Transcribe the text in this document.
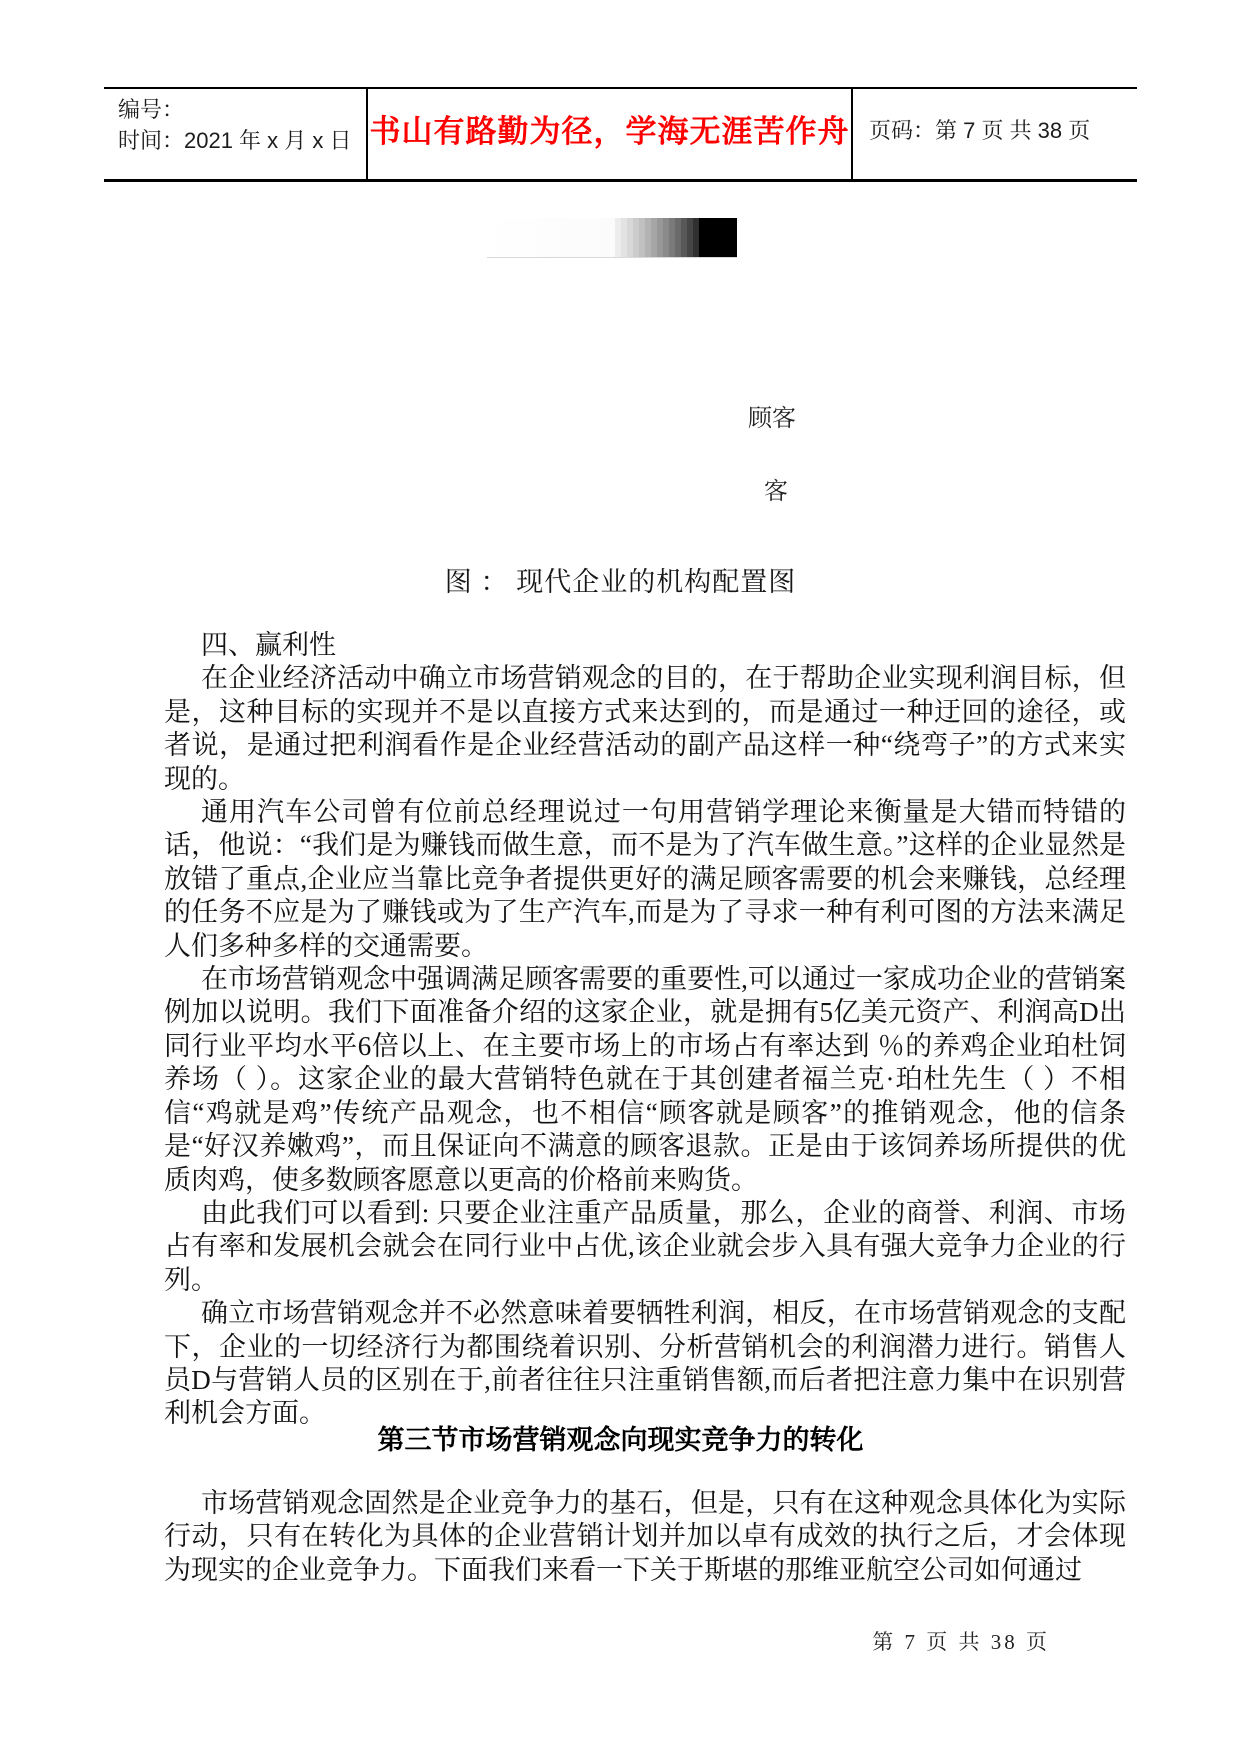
编号：
时间：2021 年 x 月 x 日 书山有路勤为径，学海无涯苦作舟 页码：第 7 页 共 38 页
顾客
客
图 ： 现代企业的机构配置图

四、赢利性

在企业经济活动中确立市场营销观念的目的，在于帮助企业实现利润目标，但是，这种目标的实现并不是以直接方式来达到的，而是通过一种迂回的途径，或者说，是通过把利润看作是企业经营活动的副产品这样一种“绕弯子”的方式来实现的。

通用汽车公司曾有位前总经理说过一句用营销学理论来衡量是大错而特错的话，他说：“我们是为赚钱而做生意，而不是为了汽车做生意。”这样的企业显然是放错了重点,企业应当靠比竞争者提供更好的满足顾客需要的机会来赚钱，总经理的任务不应是为了赚钱或为了生产汽车,而是为了寻求一种有利可图的方法来满足人们多种多样的交通需要。

在市场营销观念中强调满足顾客需要的重要性,可以通过一家成功企业的营销案例加以说明。我们下面准备介绍的这家企业，就是拥有5亿美元资产、利润高D出同行业平均水平6倍以上、在主要市场上的市场占有率达到 ％的养鸡企业珀杜饲养场（ ）。这家企业的最大营销特色就在于其创建者福兰克·珀杜先生（ ）不相信“鸡就是鸡”传统产品观念，也不相信“顾客就是顾客”的推销观念，他的信条是“好汉养嫩鸡”，而且保证向不满意的顾客退款。正是由于该饲养场所提供的优质肉鸡，使多数顾客愿意以更高的价格前来购货。

由此我们可以看到: 只要企业注重产品质量，那么，企业的商誉、利润、市场占有率和发展机会就会在同行业中占优,该企业就会步入具有强大竞争力企业的行列。

确立市场营销观念并不必然意味着要牺牲利润，相反，在市场营销观念的支配下，企业的一切经济行为都围绕着识别、分析营销机会的利润潜力进行。销售人员D与营销人员的区别在于,前者往往只注重销售额,而后者把注意力集中在识别营利机会方面。

第三节市场营销观念向现实竞争力的转化

市场营销观念固然是企业竞争力的基石，但是，只有在这种观念具体化为实际行动，只有在转化为具体的企业营销计划并加以卓有成效的执行之后，才会体现为现实的企业竞争力。下面我们来看一下关于斯堪的那维亚航空公司如何通过

第 7 页 共 38 页
